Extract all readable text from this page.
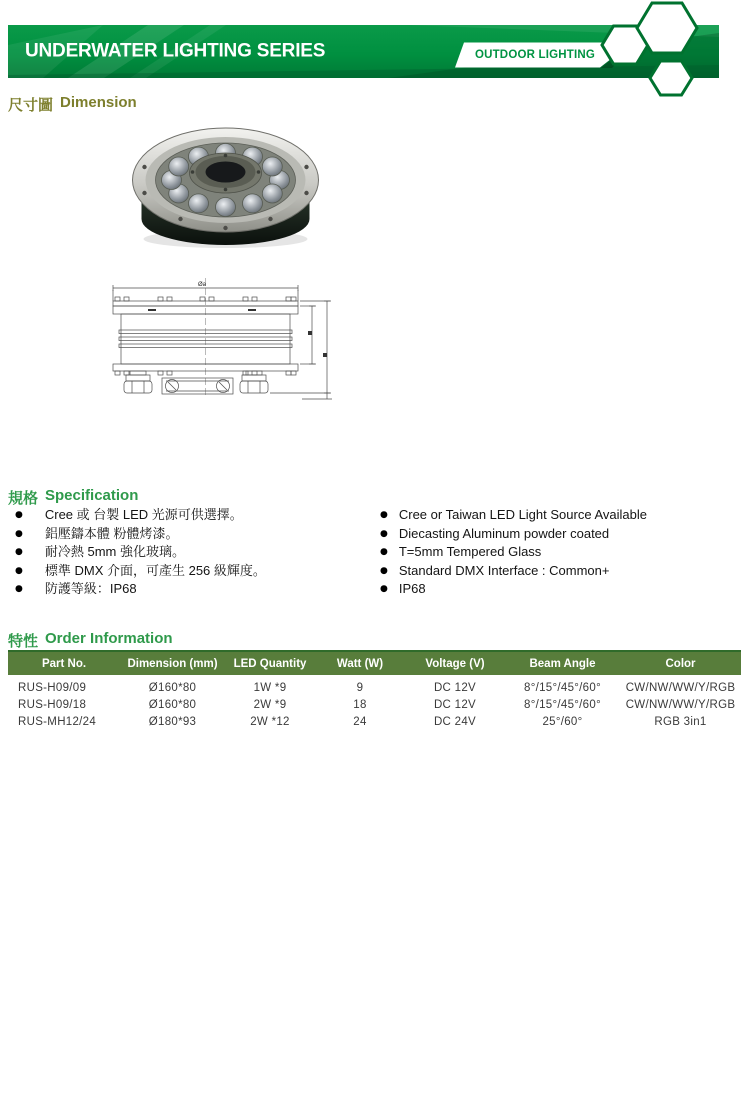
UNDERWATER LIGHTING SERIES	OUTDOOR LIGHTING
尺寸圖 Dimension
Øa
規格 Specification
● Cree 或 台製 LED 光源可供選擇。
● 鋁壓鑄本體 粉體烤漆。
● 耐冷熱 5mm 強化玻璃。
● 標準 DMX 介面，可產生 256 級輝度。
● 防護等級：IP68
● Cree or Taiwan LED Light Source Available
● Diecasting Aluminum powder coated
● T=5mm Tempered Glass
● Standard DMX Interface : Common+
● IP68
特性 Order Information
Part No.	Dimension (mm)	LED Quantity	Watt (W)	Voltage (V)	Beam Angle	Color
RUS-H09/09	Ø160*80	1W *9	9	DC 12V	8°/15°/45°/60°	CW/NW/WW/Y/RGB
RUS-H09/18	Ø160*80	2W *9	18	DC 12V	8°/15°/45°/60°	CW/NW/WW/Y/RGB
RUS-MH12/24	Ø180*93	2W *12	24	DC 24V	25°/60°	RGB 3in1
